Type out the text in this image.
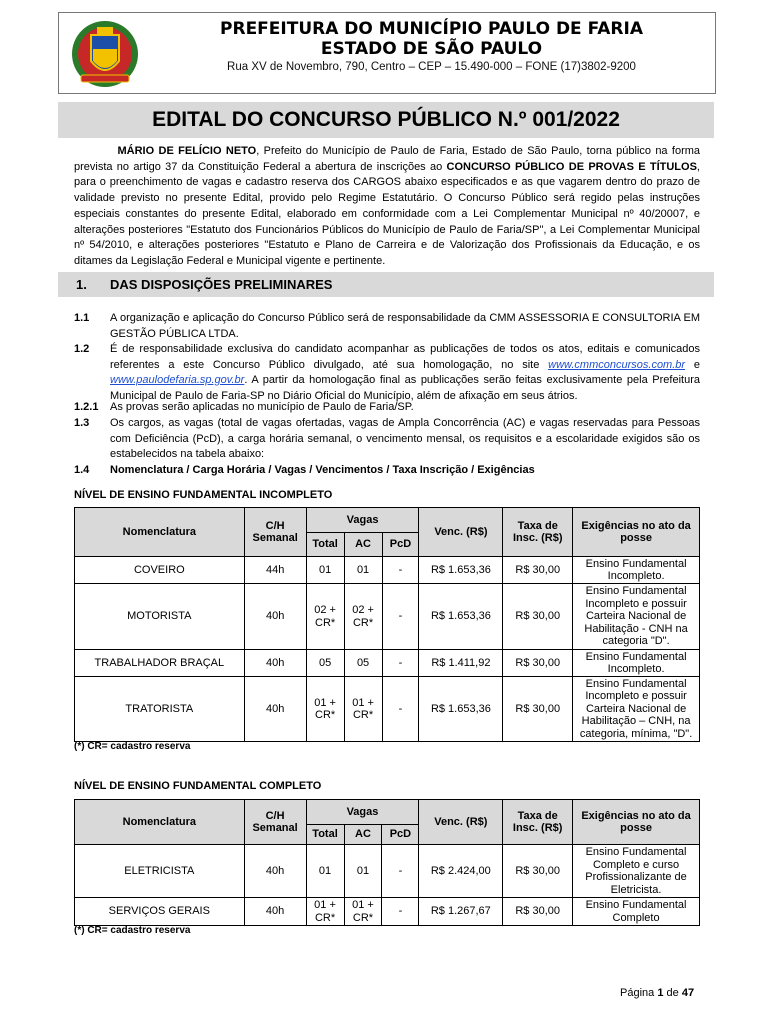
PREFEITURA DO MUNICÍPIO PAULO DE FARIA
ESTADO DE SÃO PAULO
Rua XV de Novembro, 790, Centro – CEP – 15.490-000 – FONE (17)3802-9200
EDITAL DO CONCURSO PÚBLICO N.º 001/2022
MÁRIO DE FELÍCIO NETO, Prefeito do Município de Paulo de Faria, Estado de São Paulo, torna público na forma prevista no artigo 37 da Constituição Federal a abertura de inscrições ao CONCURSO PÚBLICO DE PROVAS E TÍTULOS, para o preenchimento de vagas e cadastro reserva dos CARGOS abaixo especificados e as que vagarem dentro do prazo de validade previsto no presente Edital, provido pelo Regime Estatutário. O Concurso Público será regido pelas instruções especiais constantes do presente Edital, elaborado em conformidade com a Lei Complementar Municipal nº 40/20007, e alterações posteriores "Estatuto dos Funcionários Públicos do Município de Paulo de Faria/SP", a Lei Complementar Municipal nº 54/2010, e alterações posteriores "Estatuto e Plano de Carreira e de Valorização dos Profissionais da Educação, e os ditames da Legislação Federal e Municipal vigente e pertinente.
1. DAS DISPOSIÇÕES PRELIMINARES
1.1 A organização e aplicação do Concurso Público será de responsabilidade da CMM ASSESSORIA E CONSULTORIA EM GESTÃO PÚBLICA LTDA.
1.2 É de responsabilidade exclusiva do candidato acompanhar as publicações de todos os atos, editais e comunicados referentes a este Concurso Público divulgado, até sua homologação, no site www.cmmconcursos.com.br e www.paulodefaria.sp.gov.br. A partir da homologação final as publicações serão feitas exclusivamente pela Prefeitura Municipal de Paulo de Faria-SP no Diário Oficial do Município, além de afixação em seus átrios.
1.2.1 As provas serão aplicadas no município de Paulo de Faria/SP.
1.3 Os cargos, as vagas (total de vagas ofertadas, vagas de Ampla Concorrência (AC) e vagas reservadas para Pessoas com Deficiência (PcD), a carga horária semanal, o vencimento mensal, os requisitos e a escolaridade exigidos são os estabelecidos na tabela abaixo:
1.4 Nomenclatura / Carga Horária / Vagas / Vencimentos / Taxa Inscrição / Exigências
NÍVEL DE ENSINO FUNDAMENTAL INCOMPLETO
Nomenclatura	C/H Semanal	Vagas			Venc. (R$)	Taxa de Insc. (R$)	Exigências no ato da posse
		Total	AC	PcD			
COVEIRO	44h	01	01	-	R$ 1.653,36	R$ 30,00	Ensino Fundamental Incompleto.
MOTORISTA	40h	02 + CR*	02 + CR*	-	R$ 1.653,36	R$ 30,00	Ensino Fundamental Incompleto e possuir Carteira Nacional de Habilitação - CNH na categoria "D".
TRABALHADOR BRAÇAL	40h	05	05	-	R$ 1.411,92	R$ 30,00	Ensino Fundamental Incompleto.
TRATORISTA	40h	01 + CR*	01 + CR*	-	R$ 1.653,36	R$ 30,00	Ensino Fundamental Incompleto e possuir Carteira Nacional de Habilitação – CNH, na categoria, mínima, "D".
(*) CR= cadastro reserva
NÍVEL DE ENSINO FUNDAMENTAL COMPLETO
Nomenclatura	C/H Semanal	Vagas			Venc. (R$)	Taxa de Insc. (R$)	Exigências no ato da posse
		Total	AC	PcD			
ELETRICISTA	40h	01	01	-	R$ 2.424,00	R$ 30,00	Ensino Fundamental Completo e curso Profissionalizante de Eletricista.
SERVIÇOS GERAIS	40h	01 + CR*	01 + CR*	-	R$ 1.267,67	R$ 30,00	Ensino Fundamental Completo
(*) CR= cadastro reserva
Página 1 de 47
